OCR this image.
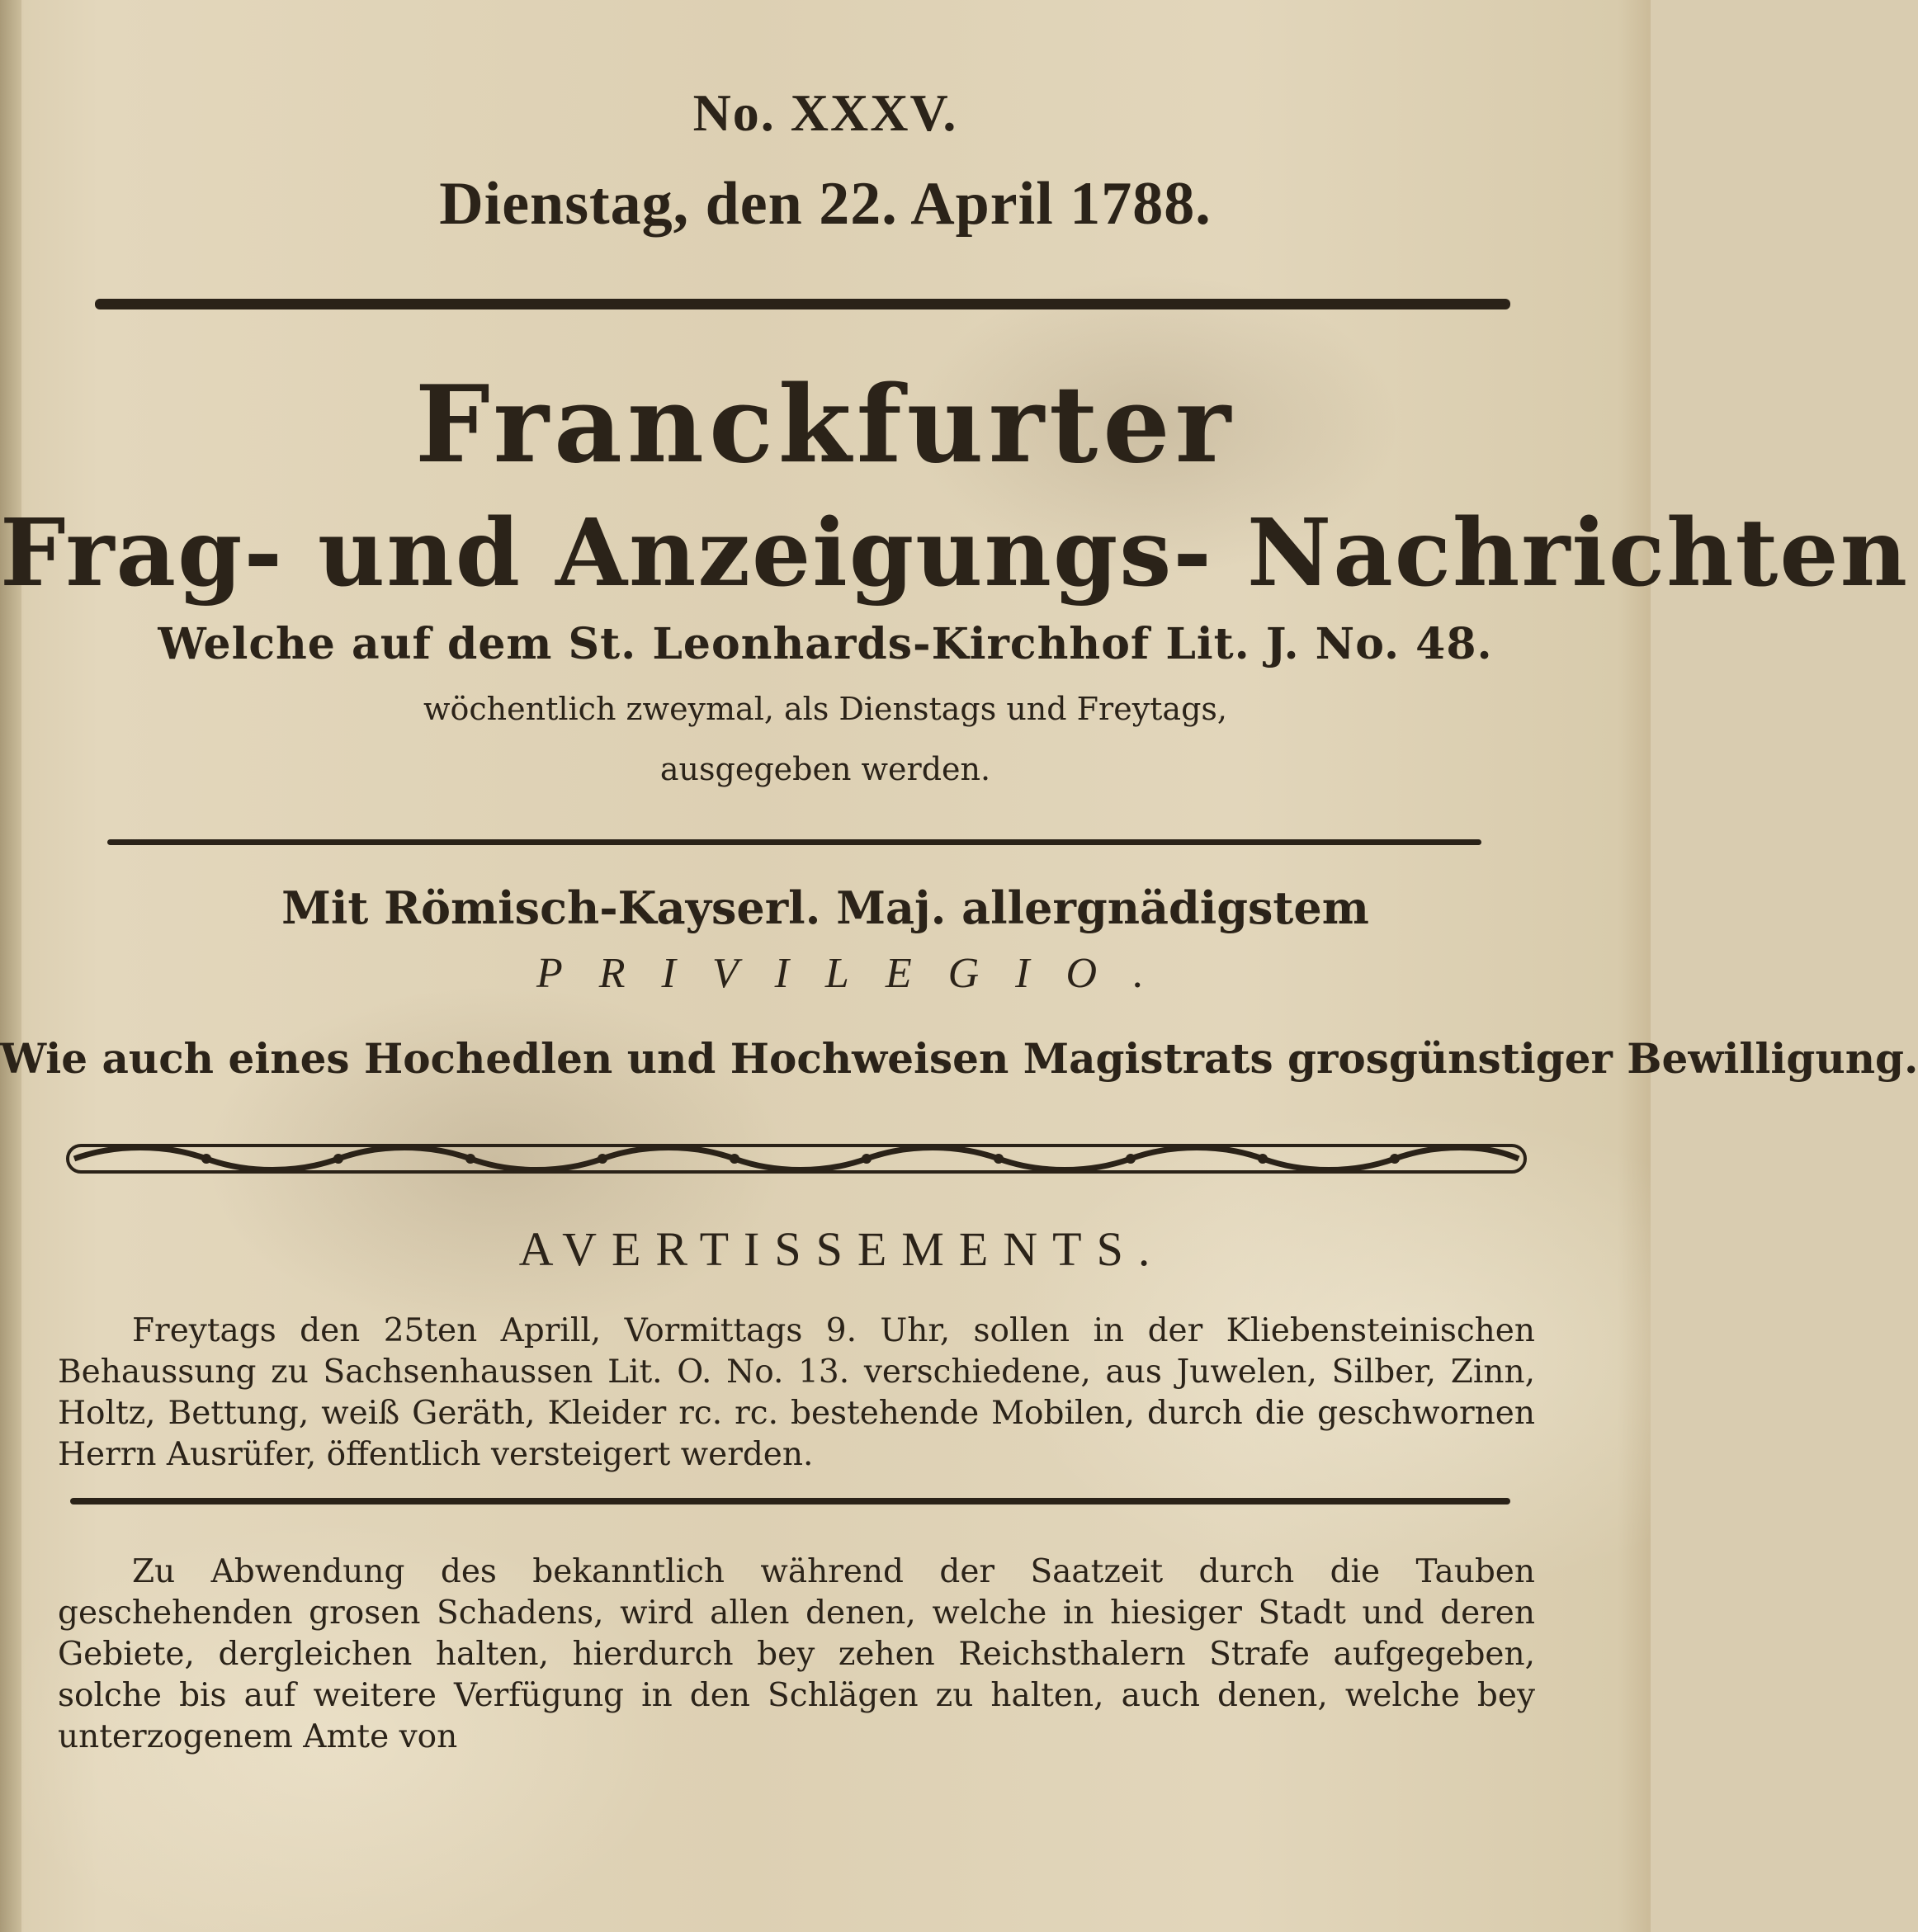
No. XXXV.
Dienstag, den 22. April 1788.
Franckfurter
Frag- und Anzeigungs- Nachrichten
Welche auf dem St. Leonhards-Kirchhof Lit. J. No. 48.
wöchentlich zweymal, als Dienstags und Freytags,
ausgegeben werden.
Mit Römisch-Kayserl. Maj. allergnädigstem
PRIVILEGIO.
Wie auch eines Hochedlen und Hochweisen Magistrats grosgünstiger Bewilligung.
AVERTISSEMENTS.
Freytags den 25ten Aprill, Vormittags 9. Uhr, sollen in der Kliebensteinischen Behaussung zu Sachsenhaussen Lit. O. No. 13. verschiedene, aus Juwelen, Silber, Zinn, Holtz, Bettung, weiß Geräth, Kleider rc. rc. bestehende Mobilen, durch die geschwornen Herrn Ausrüfer, öffentlich versteigert werden.
Zu Abwendung des bekanntlich während der Saatzeit durch die Tauben geschehenden grosen Schadens, wird allen denen, welche in hiesiger Stadt und deren Gebiete, dergleichen halten, hierdurch bey zehen Reichsthalern Strafe aufgegeben, solche bis auf weitere Verfügung in den Schlägen zu halten, auch denen, welche bey unterzogenem Amte von
